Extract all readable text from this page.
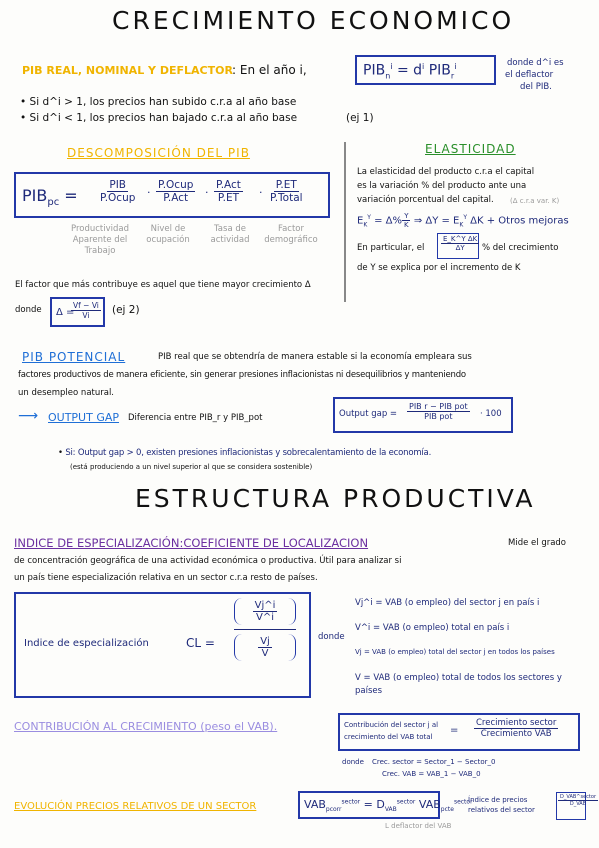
CRECIMIENTO ECONOMICO
PIB REAL, NOMINAL Y DEFLACTOR : En el año i,	$PIB_n^i = d^i$ $PIB_r^i$	donde d^i es
el deflactor
del PIB.
• Si d^i > 1, los precios han subido c.r.a al año base
• Si d^i < 1, los precios han bajado c.r.a al año base	(ej 1)
DESCOMPOSICIÓN DEL PIB
$PIB_{pc}$ =
PIB
P.Ocup
P.Ocup
P.Act
P.Act
P.ET
P.ET
P.Total
·	·	·
Productividad Aparente del Trabajo
Nivel de ocupación
Tasa de actividad
Factor demográfico
El factor que más contribuye es aquel que tiene mayor crecimiento Δ
donde Δ =
$\frac{Vf - Vi}{Vi} (ej$ 2)
ELASTICIDAD
La elasticidad del producto c.r.a el capital
es la variación % del producto ante una
variación porcentual del capital. (Δ c.r.a var. K)
$E_K^Y = \Delta\% \frac{Y}{K}$ ⇒ $\Delta Y = E_K^Y$ ΔK + Otros mejoras
En particular, el $\frac{\text{E\_K\textasciicircum{}Y ΔK}}{\Delta Y}$ % del crecimiento
de Y se explica por el incremento de K
PIB POTENCIAL	PIB real que se obtendría de manera estable si la economía empleara sus
factores productivos de manera eficiente, sin generar presiones inflacionistas ni desequilibrios y manteniendo
un desempleo natural.
⟶ OUTPUT GAP Diferencia entre PIB_r y PIB_pot	Output gap =
PIB r − PIB pot
PIB pot	· 100
• Si: Output gap > 0, existen presiones inflacionistas y sobrecalentamiento de la economía.
(está produciendo a un nivel superior al que se considera sostenible)
ESTRUCTURA PRODUCTIVA
INDICE DE ESPECIALIZACIÓN:COEFICIENTE DE LOCALIZACION	Mide el grado
de concentración geográfica de una actividad económica o productiva. Útil para analizar si
un país tiene especialización relativa en un sector c.r.a resto de países.
Indice de especialización	CL =
$\frac{Vj\^{}i}{V\^{}i}$
$\frac{Vj}{V}$	donde
Vj^i = VAB (o empleo) del sector j en país i
V^i = VAB (o empleo) total en país i
Vj = VAB (o empleo) total del sector j en todos los países
V = VAB (o empleo) total de todos los sectores y países
CONTRIBUCIÓN AL CRECIMIENTO (peso el VAB).	Contribución del sector j al
crecimiento del VAB total
=
Crecimiento sector
Crecimiento VAB
donde Crec. sector = Sector_1 − Sector_0
Crec. VAB = VAB_1 − VAB_0
EVOLUCIÓN PRECIOS RELATIVOS DE UN SECTOR	$VAB_{pcorr}^{sector} = D_{VAB}^{sector}$ $VAB_{pcte}^{sector}$
L deflactor del VAB
Índice de precios
relativos del sector
D_VAB^sector
D_VAB
